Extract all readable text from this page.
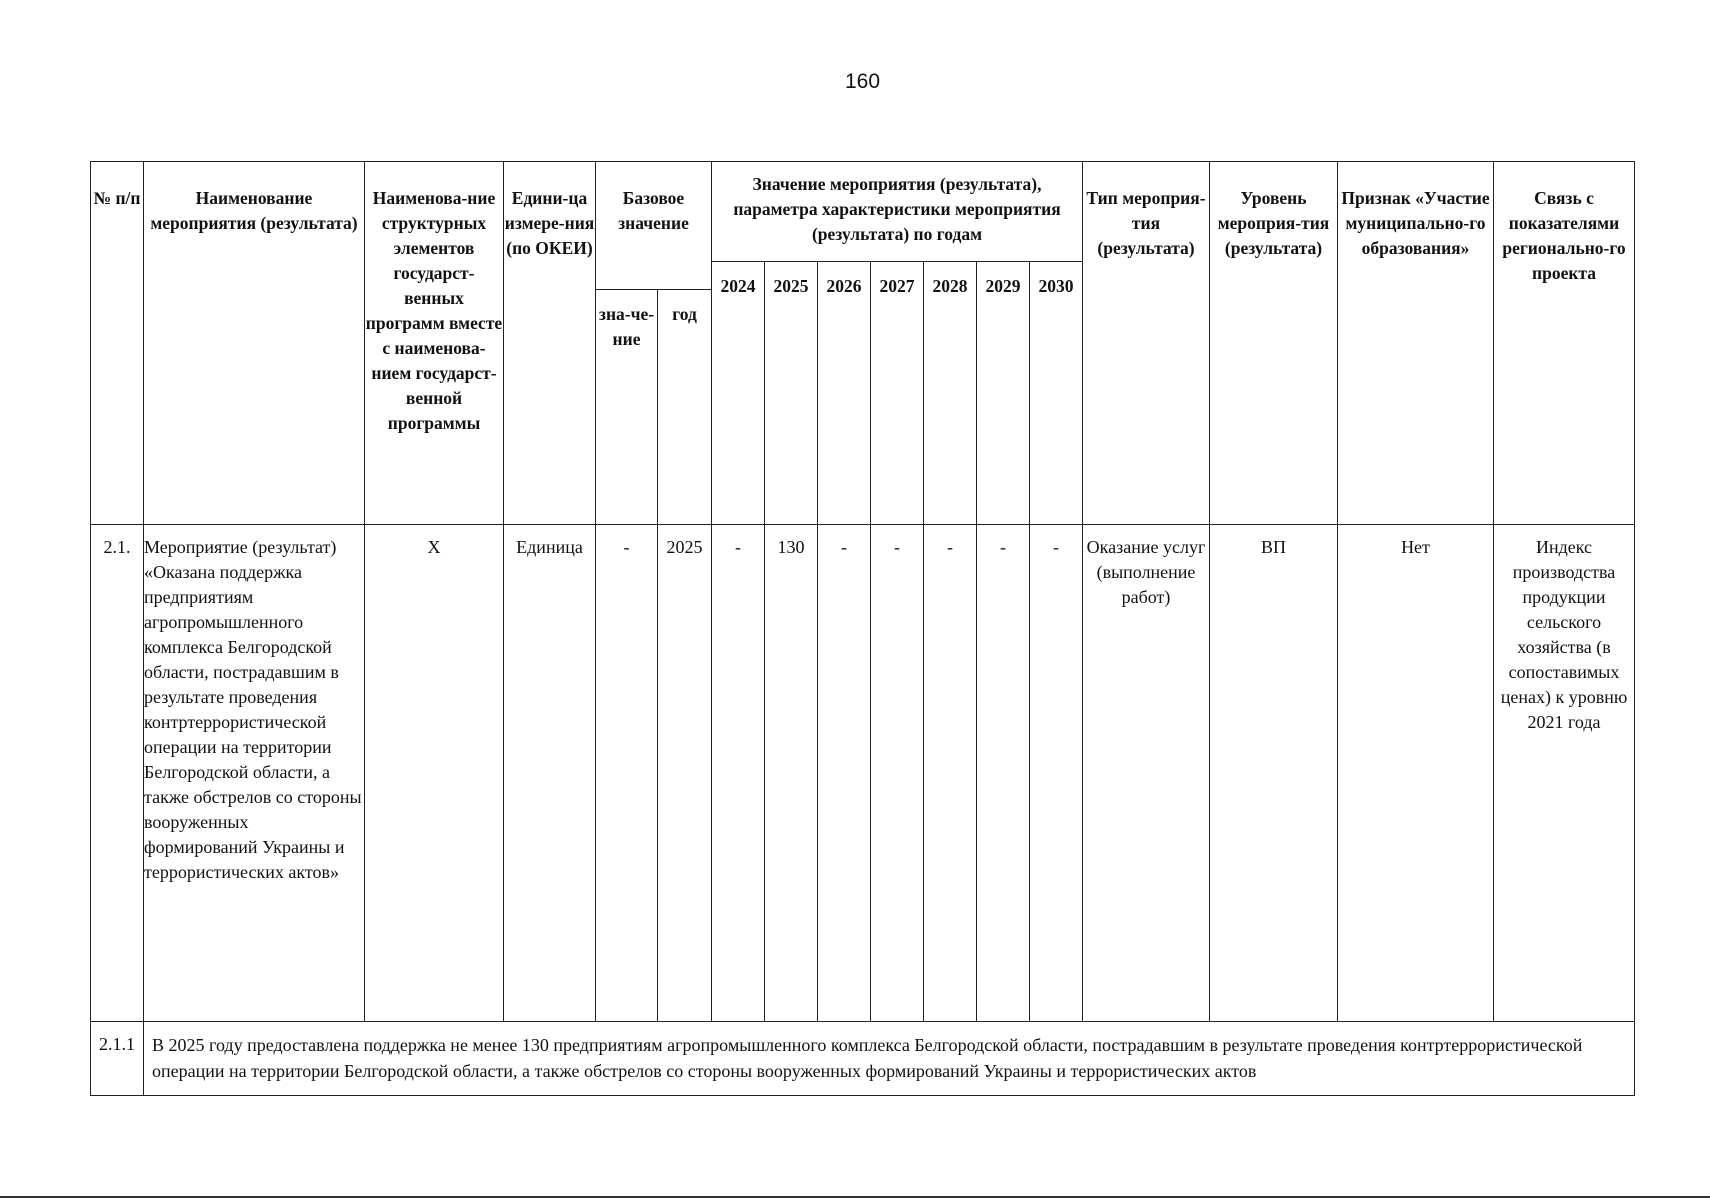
160
№ п/п	Наименование мероприятия (результата)	Наименова-ние структурных элементов государст-венных программ вместе с наименова-нием государст-венной программы	Едини-ца измере-ния (по ОКЕИ)	Базовое значение		Значение мероприятия (результата), параметра характеристики мероприятия (результата) по годам							Тип мероприя-тия (результата)	Уровень мероприя-тия (результата)	Признак «Участие муниципально-го образования»	Связь с показателями регионально-го проекта
						2024	2025	2026	2027	2028	2029	2030				
				зна-че-ние	год											
2.1.	Мероприятие (результат) «Оказана поддержка предприятиям агропромышленного комплекса Белгородской области, пострадавшим в результате проведения контртеррористической операции на территории Белгородской области, а также обстрелов со стороны вооруженных формирований Украины и террористических актов»	X	Единица	-	2025	-	130	-	-	-	-	-	Оказание услуг (выполнение работ)	ВП	Нет	Индекс производства продукции сельского хозяйства (в сопоставимых ценах) к уровню 2021 года
2.1.1	В 2025 году предоставлена поддержка не менее 130 предприятиям агропромышленного комплекса Белгородской области, пострадавшим в результате проведения контртеррористической операции на территории Белгородской области, а также обстрелов со стороны вооруженных формирований Украины и террористических актов															
